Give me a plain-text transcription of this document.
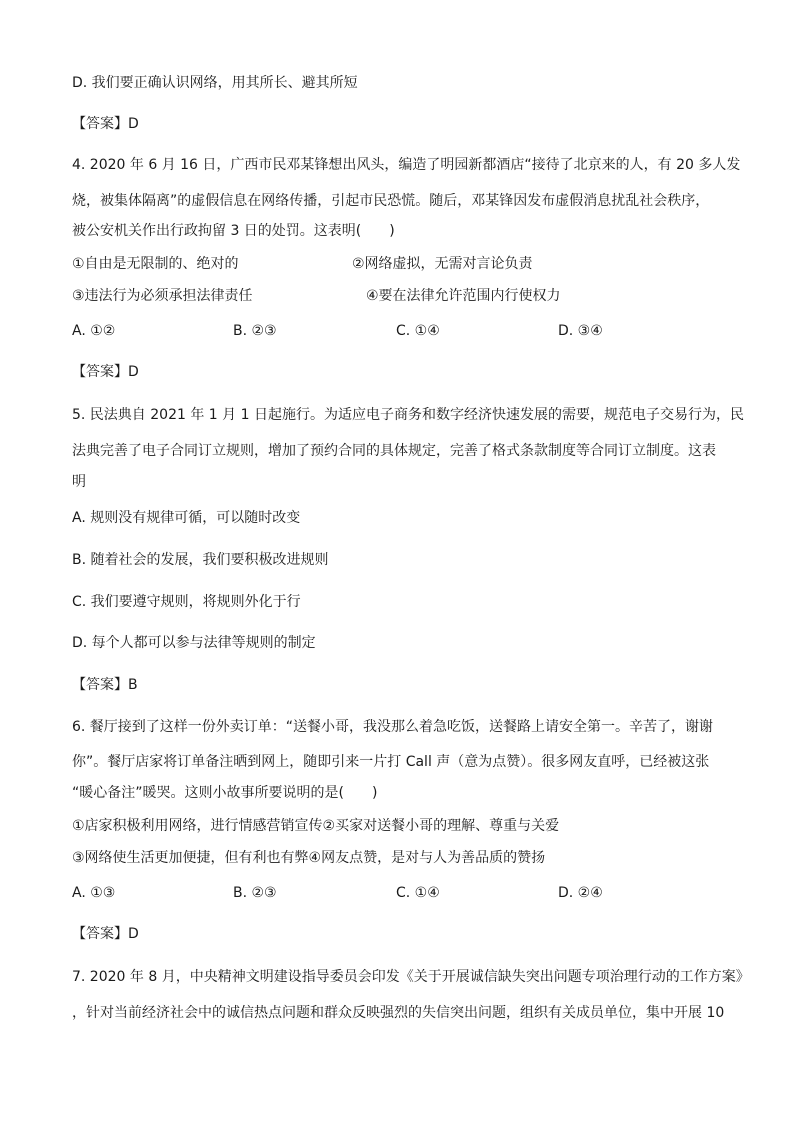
D. 我们要正确认识网络，用其所长、避其所短
【答案】D
4. 2020 年 6 月 16 日，广西市民邓某锋想出风头，编造了明园新都酒店“接待了北京来的人，有 20 多人发
烧，被集体隔离”的虚假信息在网络传播，引起市民恐慌。随后，邓某锋因发布虚假消息扰乱社会秩序，
被公安机关作出行政拘留 3 日的处罚。这表明(　　)
①自由是无限制的、绝对的	②网络虚拟，无需对言论负责
③违法行为必须承担法律责任	④要在法律允许范围内行使权力
A. ①②	B. ②③	C. ①④	D. ③④
【答案】D
5. 民法典自 2021 年 1 月 1 日起施行。为适应电子商务和数字经济快速发展的需要，规范电子交易行为，民
法典完善了电子合同订立规则，增加了预约合同的具体规定，完善了格式条款制度等合同订立制度。这表
明
A. 规则没有规律可循，可以随时改变
B. 随着社会的发展，我们要积极改进规则
C. 我们要遵守规则，将规则外化于行
D. 每个人都可以参与法律等规则的制定
【答案】B
6. 餐厅接到了这样一份外卖订单：“送餐小哥，我没那么着急吃饭，送餐路上请安全第一。辛苦了，谢谢
你”。餐厅店家将订单备注晒到网上，随即引来一片打 Call 声（意为点赞）。很多网友直呼，已经被这张
“暖心备注”暖哭。这则小故事所要说明的是(　　)
①店家积极利用网络，进行情感营销宣传②买家对送餐小哥的理解、尊重与关爱
③网络使生活更加便捷，但有利也有弊④网友点赞，是对与人为善品质的赞扬
A. ①③	B. ②③	C. ①④	D. ②④
【答案】D
7. 2020 年 8 月，中央精神文明建设指导委员会印发《关于开展诚信缺失突出问题专项治理行动的工作方案》
，针对当前经济社会中的诚信热点问题和群众反映强烈的失信突出问题，组织有关成员单位，集中开展 10
